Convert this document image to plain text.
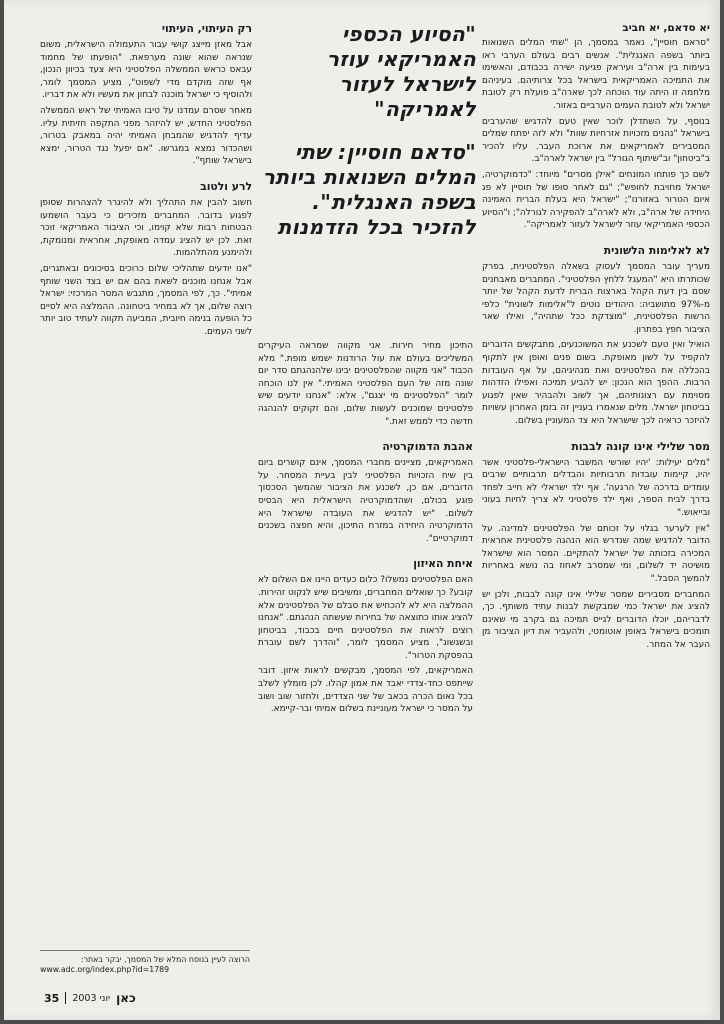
יא סדאם, יא חביב

"סראם חוסיין", נאמר במסמך, הן "שתי המלים השנואות ביותר בשפה האנגלית". אנשים רבים בעולם הערבי ראו בעימות בין ארה"ב ועיראק פגיעה ישירה בכבודם, והאשימו את התמיכה האמריקאית בישראל בכל צרותיהם. בעיניהם מלחמה זו היתה עוד הוכחה לכך שארה"ב פועלת רק לטובת ישראל ולא לטובת העמים הערביים באזור.

בנוסף, על השתדלן לוכר שאין טעם להדגיש שהערבים בישראל "נהנים מזכויות אזרחיות שוות" ולא לזה יפתח שמלים המסבירים לאמריקאים את ארוכת העבר. עליו להכיר ב"ביטחון" וב"שיתוף הגורל" בין ישראל לארה"ב.

לשם כך פותחו המונחים "אילן מסרים" מיוחד: "כדמוקרטיה, ישראל מחויבת לחופש"; "גם לאחר סופו של חוסיין לא פג איום הטרור באזורנו"; "ישראל היא בעלת הברית האמינה היחידה של ארה"ב, ולא לארה"ב להפקירה לגורלה"; ו"הסיוע הכספי האמריקאי עוזר לישראל לעזור לאמריקה".

לא לאלימות הלשונית

מעריך עובר המסמך לעסוק בשאלה הפלסטינית, בפרק שכותרתו היא "המעגל ללחץ הפלסטיני". המחברים מאבחנים שסם בין דעת הקהל בארצות הברית לדעת הקהל של יותר מ-97% מתושביה: היהודים נוטים ל"אלימות לשונית" כלפי הרשות הפלסטינית, "מוצדקת ככל שתהיה", ואילו שאר הציבור חפץ בפתרון.

הואיל ואין טעם לשכנע את המשוכנעים, מתבקשים הדוברים להקפיד על לשון מאופקת. בשום פנים ואופן אין לתקוף בהכללה את הפלסטינים ואת מנהיגיהם, על אף העובדות הרבות. ההפך הוא הנכון: יש להביע תמיכה ואפילו הזדהות מסוימת עם רצונותיהם, אך לשוב ולהבהיר שאין לפגוע בביטחון ישראל. מלים שנאמרו בעניין זה בזמן האחרון עשויות להיזכר כראיה לכך שישראל היא צד המעוניין בשלום.

מסר שלילי אינו קונה לבבות

"מלים יעילות: 'יהיו שורשי המשבר הישראלי-פלסטיני אשר יהיו, קיימות עובדות תרבותיות והבדלים תרבותיים שרבים עומדים בדרכה של הרגעה'. אף ילד ישראלי לא חייב לפחד בדרך לבית הספר, ואף ילד פלסטיני לא צריך לחיות בעוני ובייאוש."

"אין לערער בגלוי על זכותם של הפלסטינים למדינה. על הדובר להדגיש שמה שנדרש הוא הנהגה פלסטינית אחראית המכירה בזכותה של ישראל להתקיים. המסר הוא שישראל מושיטה יד לשלום, ומי שמסרב לאחוז בה נושא באחריות להמשך הסבל."

המחברים מסבירים שמסר שלילי אינו קונה לבבות, ולכן יש להציג את ישראל כמי שמבקשת לבנות עתיד משותף. כך, לדבריהם, יוכלו הדוברים לגייס תמיכה גם בקרב מי שאינם תומכים בישראל באופן אוטומטי, ולהעביר את דיון הציבור מן העבר אל המחר.

"הסיוע הכספי האמריקאי עוזר לישראל לעזור לאמריקה"
"סדאם חוסיין: שתי המלים השנואות ביותר בשפה האנגלית". להזכיר בכל הזדמנות

התיכון מחיר חירות. אני מקווה שמראה העיקרים המשליכים בעולם את עול הרודנות ישמש מופת." מלא הכבוד "אני מקווה שהפלסטינים יבינו שלהנהגתם סדר יום שונה מזה של העם הפלסטיני האמיתי." אין לנו הוכחה לומר "הפלסטינים מי יצגם", אלא: "אנחנו יודעים שיש פלסטינים שמוכנים לעשות שלום, והם זקוקים להנהגה חדשה כדי לממש זאת."

אהבת הדמוקרטיה

האמריקאים, מציינים מחברי המסמך, אינם קושרים ביום בין שיח הזכויות הפלסטיני לבין בעיית המסחר. על הדוברים, אם כן, לשכנע את הציבור שהמשך הסכסוך פוגע בכולם, ושהדמוקרטיה הישראלית היא הבסיס לשלום. "יש להדגיש את העובדה שישראל היא הדמוקרטיה היחידה במזרח התיכון, והיא חפצה בשכנים דמוקרטיים".

איחת האיזון

האם הפלסטינים נמשלו? כלום כעדים היינו אם השלום לא קובע? כך שואלים המחברים, ומשיבים שיש לנקוט זהירות. ההמלצה היא לא להכחיש את סבלם של הפלסטינים אלא להציג אותו כתוצאה של בחירות שעשתה הנהגתם. "אנחנו רוצים לראות את הפלסטינים חיים בכבוד, בביטחון ובשגשוג", מציע המסמך לומר, "והדרך לשם עוברת בהפסקת הטרור".

האמריקאים, לפי המסמך, מבקשים לראות איזון. דובר שייתפס כחד-צדדי יאבד את אמון קהלו. לכן מומלץ לשלב בכל נאום הכרה בכאב של שני הצדדים, ולחזור שוב ושוב על המסר כי ישראל מעוניינת בשלום אמיתי ובר-קיימא.

רק העיתוי, העיתוי

אבל מאזן מייצג קושי עבור התעמולה הישראלית, משום שנראה שהוא שונה מערפאת. "הופעתו של מחמוד עבאס כראש הממשלה הפלסטיני היא צעד בכיוון הנכון, אף שזה מוקדם מדי לשפוט", מציע המסמך לומר, ולהוסיף כי ישראל מוכנה לבחון את מעשיו ולא את דבריו.

מאחר שסרם עמדנו על טיבו האמיתי של ראש הממשלה הפלסטיני החדש, יש להיזהר מפני התקפה חזיתית עליו. עדיף להדגיש שהמבחן האמיתי יהיה במאבק בטרור, ושהכדור נמצא במגרשו. "אם יפעל נגד הטרור, ימצא בישראל שותף".

לרע ולטוב

חשוב להבין את התהליך ולא להיגרר להצהרות שסופן לפגוע בדובר. המחברים מזכירים כי בעבר הושמעו הבטחות רבות שלא קוימו, וכי הציבור האמריקאי זוכר זאת. לכן יש להציג עמדה מאופקת, אחראית ומנומקת, ולהימנע מהתלהמות.

"אנו יודעים שתהליכי שלום כרוכים בסיכונים ובאתגרים, אבל אנחנו מוכנים לשאת בהם אם יש בצד השני שותף אמיתי". כך, לפי המסמך, מתגבש המסר המרכזי: ישראל רוצה שלום, אך לא במחיר ביטחונה. ההמלצה היא לסיים כל הופעה בנימה חיובית, המביעה תקווה לעתיד טוב יותר לשני העמים.

הרוצה לעיין בנוסח המלא של המסמך, יבקר באתר:

www.adc.org/index.php?id=1789

35 יוני 2003 כאן
